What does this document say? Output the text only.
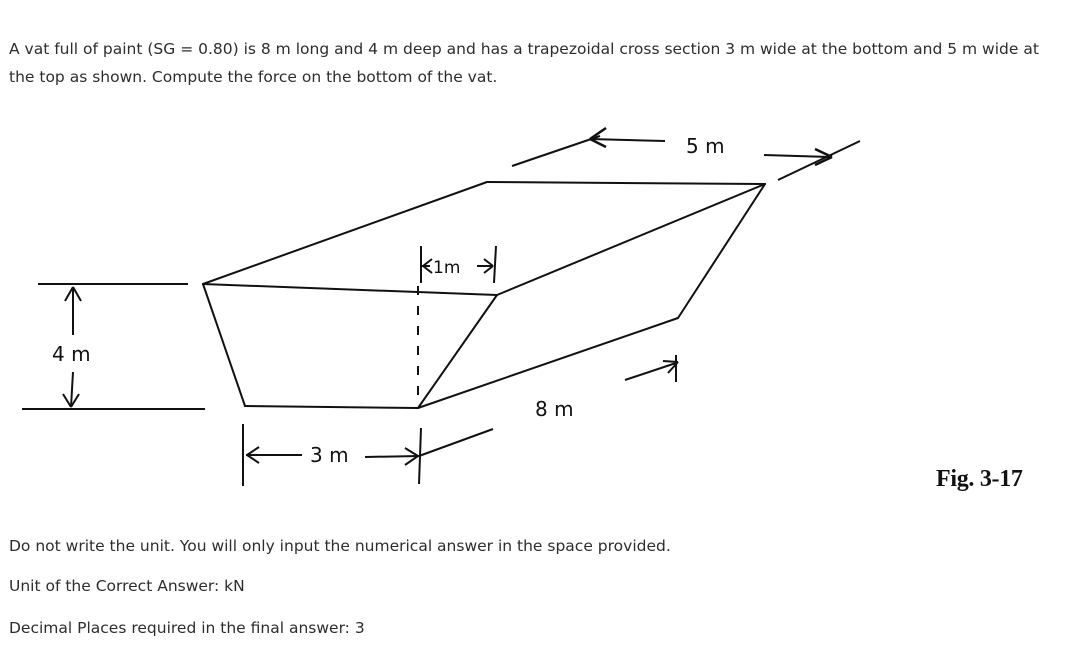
A vat full of paint (SG = 0.80) is 8 m long and 4 m deep and has a trapezoidal cross section 3 m wide at the bottom and 5 m wide at the top as shown. Compute the force on the bottom of the vat.

4 m
3 m
1m
5 m
8 m
Fig. 3-17

Do not write the unit. You will only input the numerical answer in the space provided.

Unit of the Correct Answer: kN

Decimal Places required in the final answer: 3
